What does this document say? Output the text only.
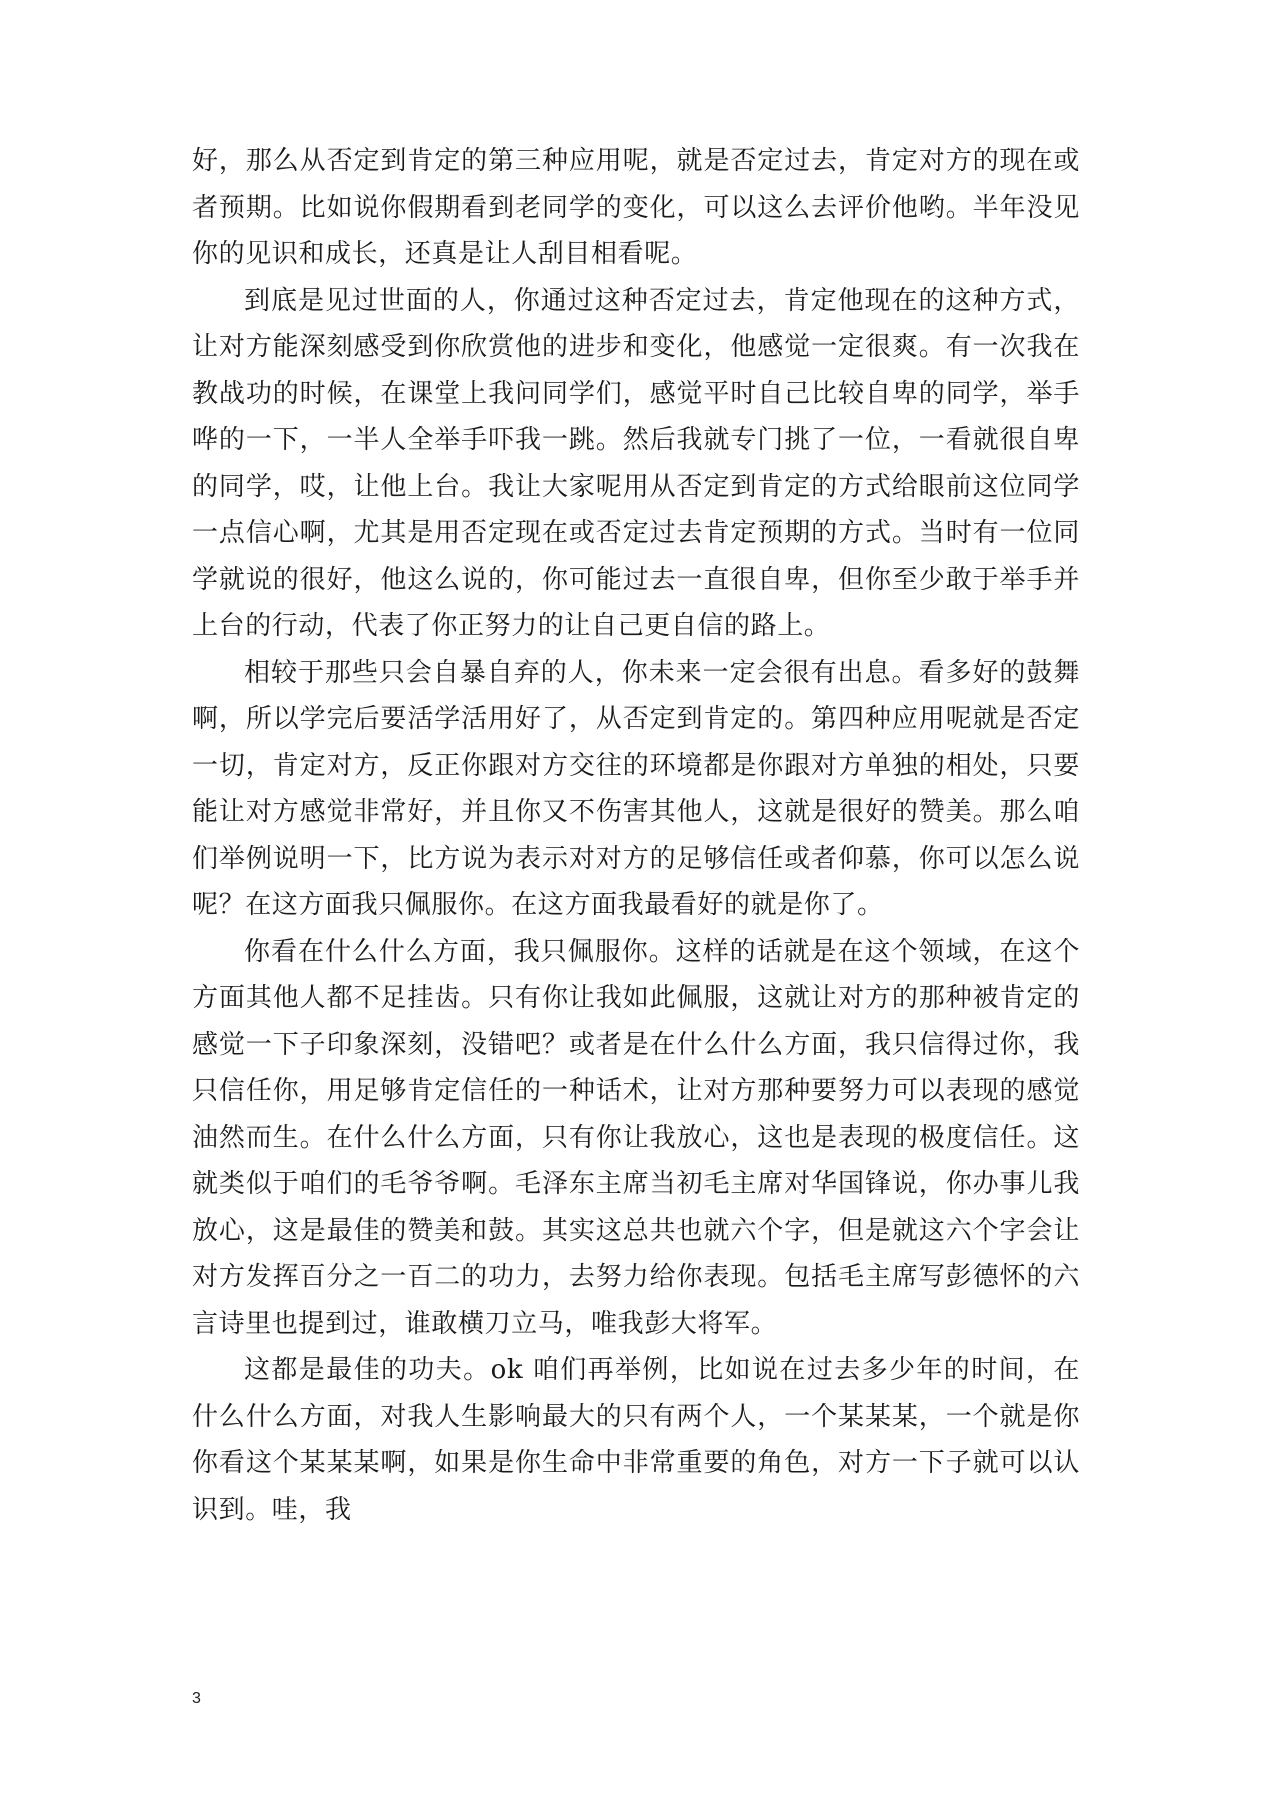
好，那么从否定到肯定的第三种应用呢，就是否定过去，肯定对方的现在或者预期。比如说你假期看到老同学的变化，可以这么去评价他哟。半年没见你的见识和成长，还真是让人刮目相看呢。

到底是见过世面的人，你通过这种否定过去，肯定他现在的这种方式，让对方能深刻感受到你欣赏他的进步和变化，他感觉一定很爽。有一次我在教战功的时候，在课堂上我问同学们，感觉平时自己比较自卑的同学，举手哗的一下，一半人全举手吓我一跳。然后我就专门挑了一位，一看就很自卑的同学，哎，让他上台。我让大家呢用从否定到肯定的方式给眼前这位同学一点信心啊，尤其是用否定现在或否定过去肯定预期的方式。当时有一位同学就说的很好，他这么说的，你可能过去一直很自卑，但你至少敢于举手并上台的行动，代表了你正努力的让自己更自信的路上。

相较于那些只会自暴自弃的人，你未来一定会很有出息。看多好的鼓舞啊，所以学完后要活学活用好了，从否定到肯定的。第四种应用呢就是否定一切，肯定对方，反正你跟对方交往的环境都是你跟对方单独的相处，只要能让对方感觉非常好，并且你又不伤害其他人，这就是很好的赞美。那么咱们举例说明一下，比方说为表示对对方的足够信任或者仰慕，你可以怎么说呢？在这方面我只佩服你。在这方面我最看好的就是你了。

你看在什么什么方面，我只佩服你。这样的话就是在这个领域，在这个方面其他人都不足挂齿。只有你让我如此佩服，这就让对方的那种被肯定的感觉一下子印象深刻，没错吧？或者是在什么什么方面，我只信得过你，我只信任你，用足够肯定信任的一种话术，让对方那种要努力可以表现的感觉油然而生。在什么什么方面，只有你让我放心，这也是表现的极度信任。这就类似于咱们的毛爷爷啊。毛泽东主席当初毛主席对华国锋说，你办事儿我放心，这是最佳的赞美和鼓。其实这总共也就六个字，但是就这六个字会让对方发挥百分之一百二的功力，去努力给你表现。包括毛主席写彭德怀的六言诗里也提到过，谁敢横刀立马，唯我彭大将军。

这都是最佳的功夫。ok 咱们再举例，比如说在过去多少年的时间，在什么什么方面，对我人生影响最大的只有两个人，一个某某某，一个就是你你看这个某某某啊，如果是你生命中非常重要的角色，对方一下子就可以认识到。哇，我

3
